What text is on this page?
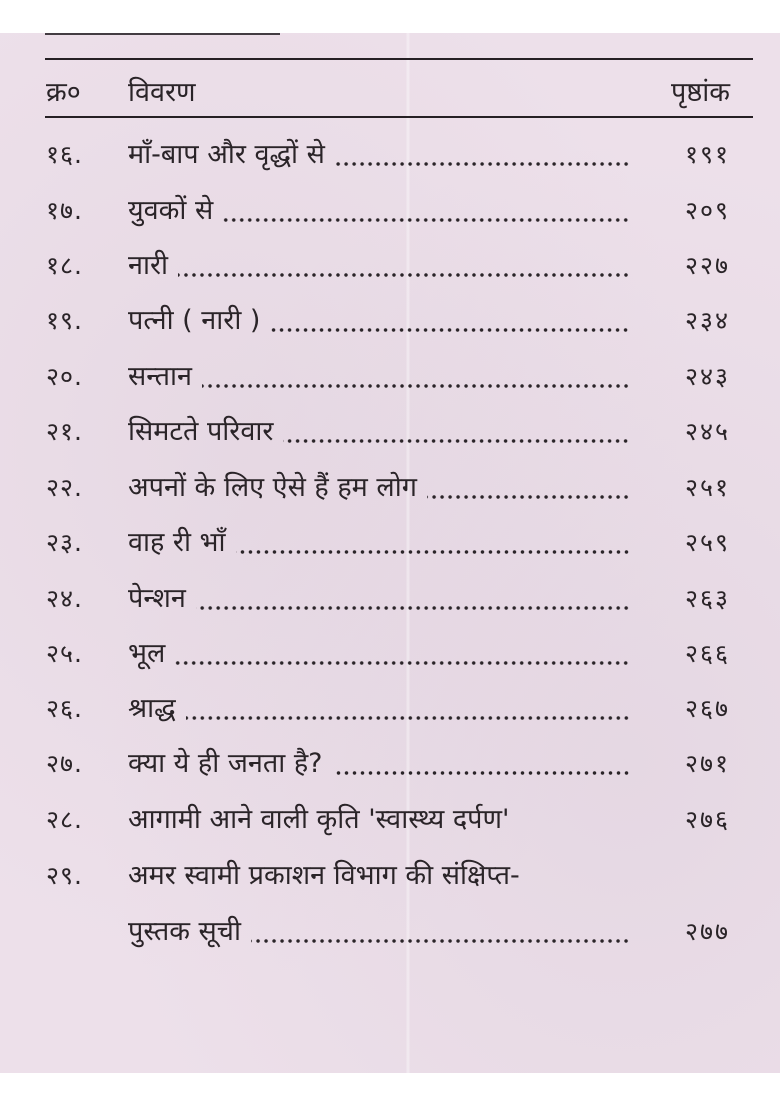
क्र० विवरण	पृष्ठांक
१६. माँ-बाप और वृद्धों से	१९१
१७. युवकों से	२०९
१८. नारी	२२७
१९. पत्नी ( नारी )	२३४
२०. सन्तान	२४३
२१. सिमटते परिवार	२४५
२२. अपनों के लिए ऐसे हैं हम लोग	२५१
२३. वाह री भाँ	२५९
२४. पेन्शन	२६३
२५. भूल	२६६
२६. श्राद्ध	२६७
२७. क्या ये ही जनता है?	२७१
२८. आगामी आने वाली कृति 'स्वास्थ्य दर्पण'	२७६
२९. अमर स्वामी प्रकाशन विभाग की संक्षिप्त-
पुस्तक सूची	२७७
